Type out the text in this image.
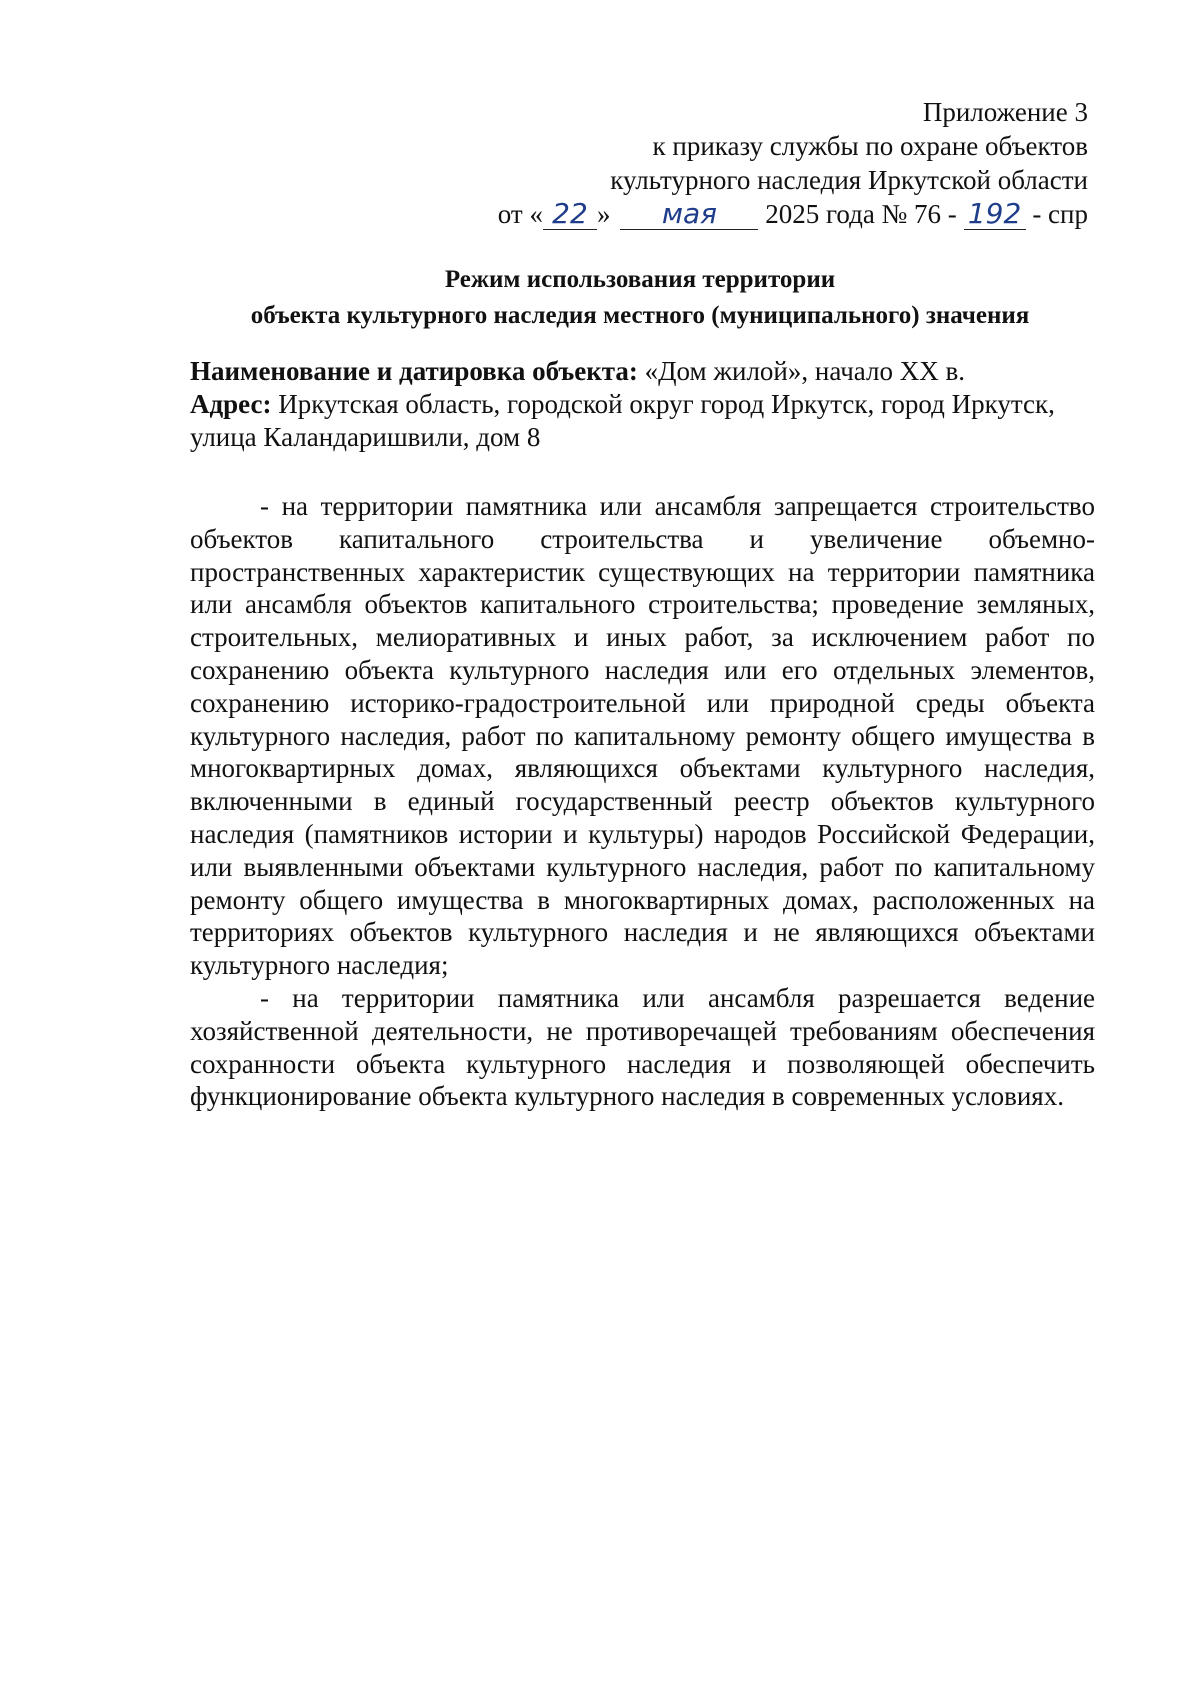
Приложение 3
к приказу службы по охране объектов
культурного наследия Иркутской области
от « 22 » мая 2025 года № 76 - 192 - спр
Режим использования территории
объекта культурного наследия местного (муниципального) значения
Наименование и датировка объекта: «Дом жилой», начало XX в.
Адрес: Иркутская область, городской округ город Иркутск, город Иркутск, улица Каландаришвили, дом 8

- на территории памятника или ансамбля запрещается строительство объектов капитального строительства и увеличение объемно-пространственных характеристик существующих на территории памятника или ансамбля объектов капитального строительства; проведение земляных, строительных, мелиоративных и иных работ, за исключением работ по сохранению объекта культурного наследия или его отдельных элементов, сохранению историко-градостроительной или природной среды объекта культурного наследия, работ по капитальному ремонту общего имущества в многоквартирных домах, являющихся объектами культурного наследия, включенными в единый государственный реестр объектов культурного наследия (памятников истории и культуры) народов Российской Федерации, или выявленными объектами культурного наследия, работ по капитальному ремонту общего имущества в многоквартирных домах, расположенных на территориях объектов культурного наследия и не являющихся объектами культурного наследия;

- на территории памятника или ансамбля разрешается ведение хозяйственной деятельности, не противоречащей требованиям обеспечения сохранности объекта культурного наследия и позволяющей обеспечить функционирование объекта культурного наследия в современных условиях.
